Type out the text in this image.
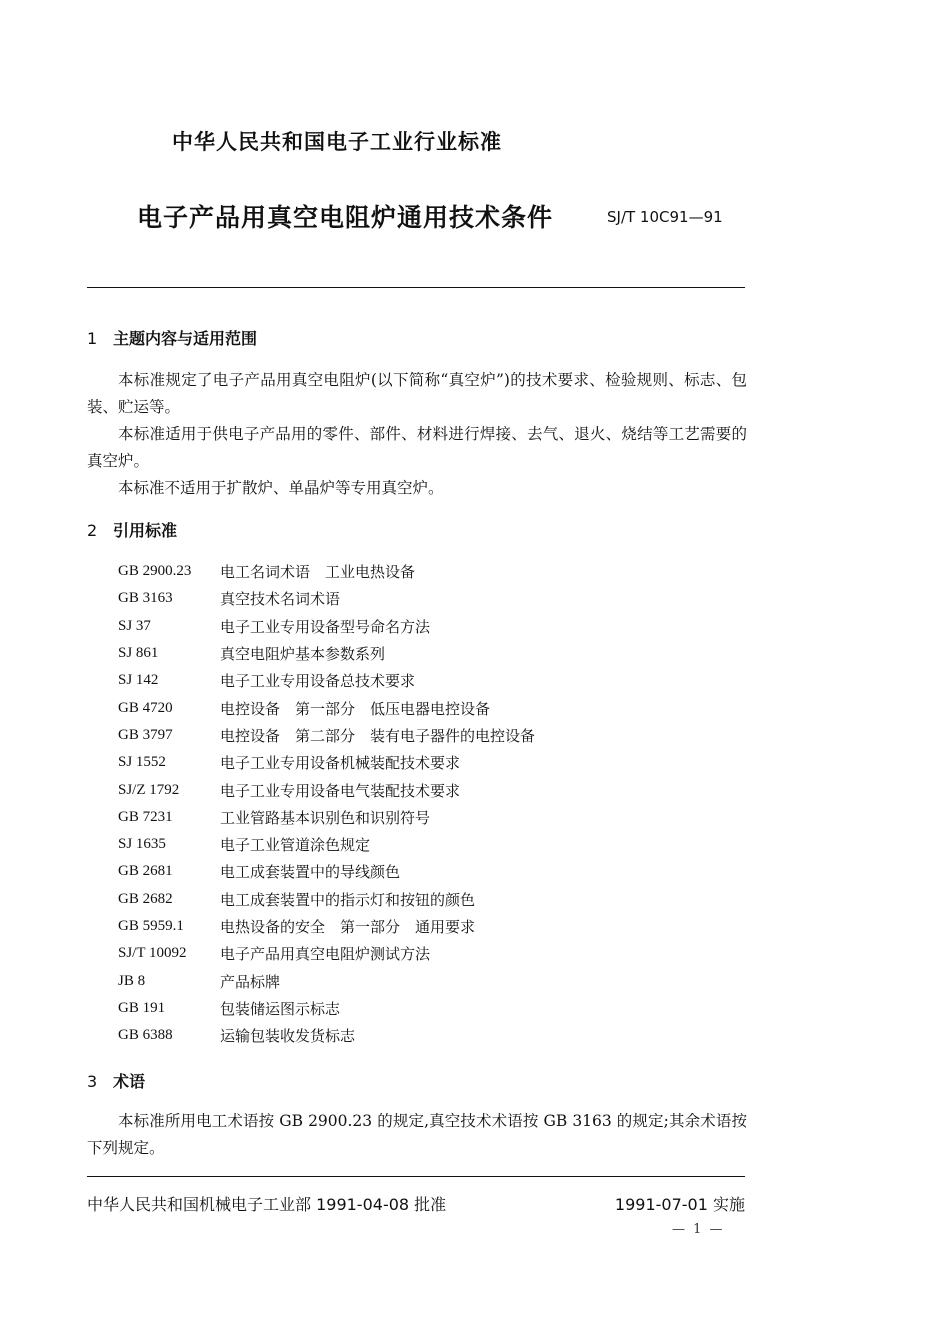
中华人民共和国电子工业行业标准
电子产品用真空电阻炉通用技术条件	SJ/T 10C91—91
1 主题内容与适用范围
本标准规定了电子产品用真空电阻炉(以下简称“真空炉”)的技术要求、检验规则、标志、包装、贮运等。
本标准适用于供电子产品用的零件、部件、材料进行焊接、去气、退火、烧结等工艺需要的真空炉。
本标准不适用于扩散炉、单晶炉等专用真空炉。
2 引用标准
GB 2900.23	电工名词术语　工业电热设备
GB 3163	真空技术名词术语
SJ 37	电子工业专用设备型号命名方法
SJ 861	真空电阻炉基本参数系列
SJ 142	电子工业专用设备总技术要求
GB 4720	电控设备　第一部分　低压电器电控设备
GB 3797	电控设备　第二部分　装有电子器件的电控设备
SJ 1552	电子工业专用设备机械装配技术要求
SJ/Z 1792	电子工业专用设备电气装配技术要求
GB 7231	工业管路基本识别色和识别符号
SJ 1635	电子工业管道涂色规定
GB 2681	电工成套装置中的导线颜色
GB 2682	电工成套装置中的指示灯和按钮的颜色
GB 5959.1	电热设备的安全　第一部分　通用要求
SJ/T 10092	电子产品用真空电阻炉测试方法
JB 8	产品标牌
GB 191	包装储运图示标志
GB 6388	运输包装收发货标志
3 术语
本标准所用电工术语按 GB 2900.23 的规定,真空技术术语按 GB 3163 的规定;其余术语按下列规定。
中华人民共和国机械电子工业部 1991-04-08 批准	1991-07-01 实施
— 1 —
